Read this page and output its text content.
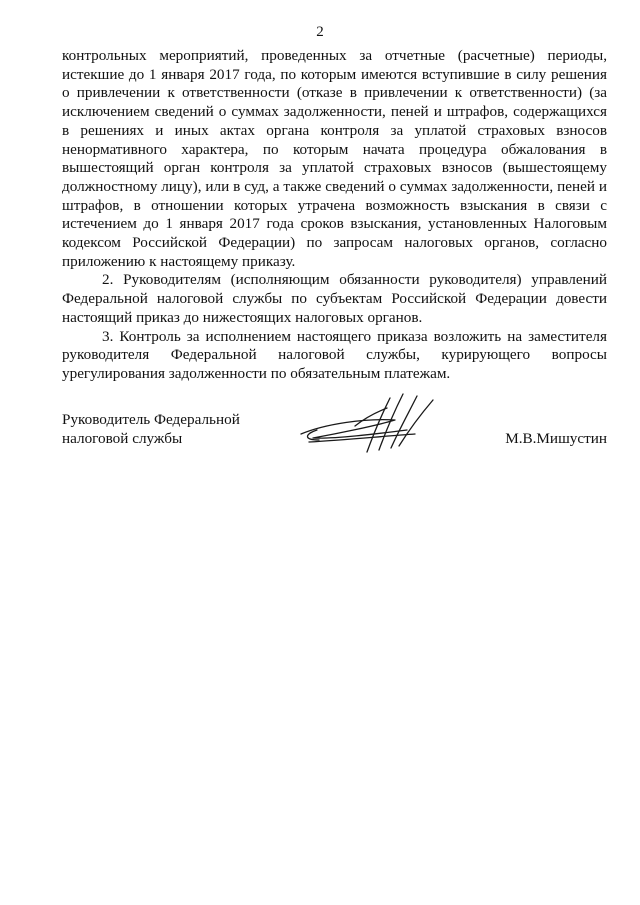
2

контрольных мероприятий, проведенных за отчетные (расчетные) периоды, истекшие до 1 января 2017 года, по которым имеются вступившие в силу решения о привлечении к ответственности (отказе в привлечении к ответственности) (за исключением сведений о суммах задолженности, пеней и штрафов, содержащихся в решениях и иных актах органа контроля за уплатой страховых взносов ненормативного характера, по которым начата процедура обжалования в вышестоящий орган контроля за уплатой страховых взносов (вышестоящему должностному лицу), или в суд, а также сведений о суммах задолженности, пеней и штрафов, в отношении которых утрачена возможность взыскания в связи с истечением до 1 января 2017 года сроков взыскания, установленных Налоговым кодексом Российской Федерации) по запросам налоговых органов, согласно приложению к настоящему приказу.

2. Руководителям (исполняющим обязанности руководителя) управлений Федеральной налоговой службы по субъектам Российской Федерации довести настоящий приказ до нижестоящих налоговых органов.

3. Контроль за исполнением настоящего приказа возложить на заместителя руководителя Федеральной налоговой службы, курирующего вопросы урегулирования задолженности по обязательным платежам.

Руководитель Федеральной
налоговой службы	М.В.Мишустин
